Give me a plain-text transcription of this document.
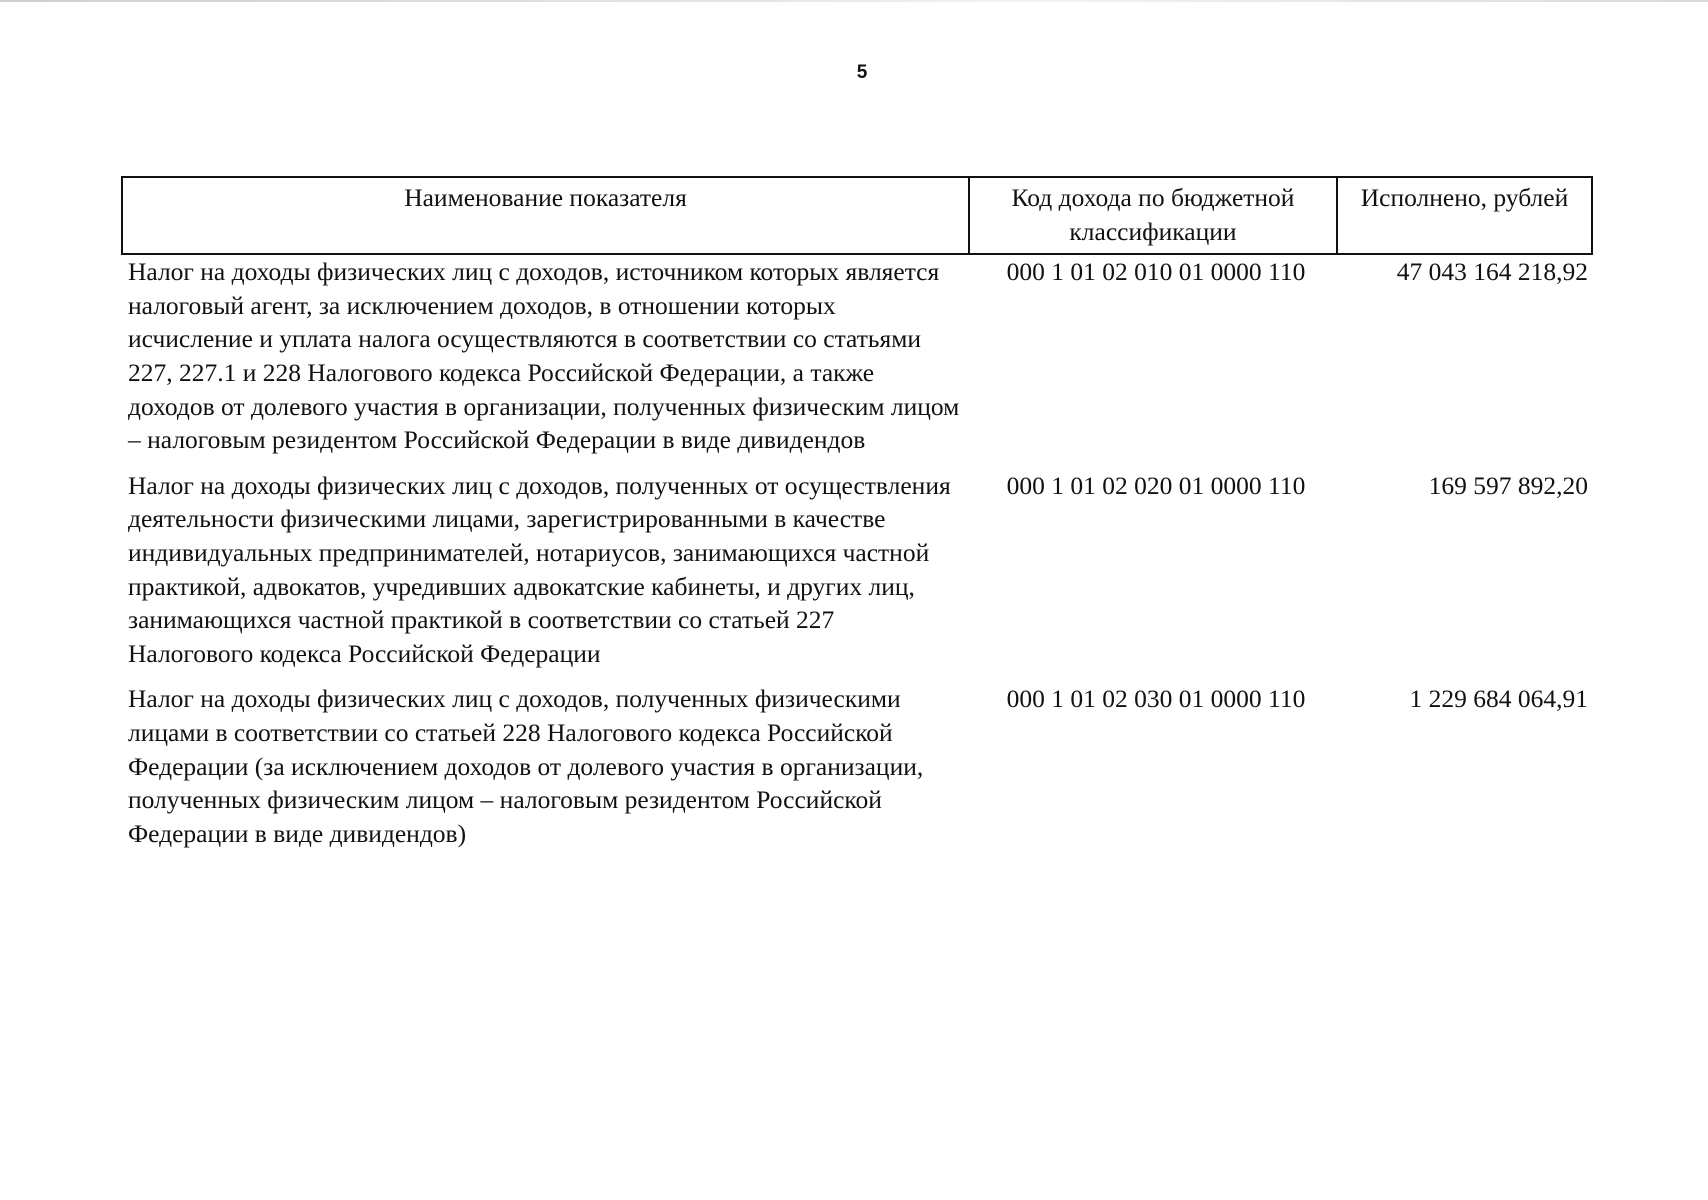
5
Наименование показателя	Код дохода по бюджетной классификации	Исполнено, рублей
Налог на доходы физических лиц с доходов, источником которых является налоговый агент, за исключением доходов, в отношении которых исчисление и уплата налога осуществляются в соответствии со статьями 227, 227.1 и 228 Налогового кодекса Российской Федерации, а также доходов от долевого участия в организации, полученных физическим лицом – налоговым резидентом Российской Федерации в виде дивидендов	000 1 01 02 010 01 0000 110	47 043 164 218,92
Налог на доходы физических лиц с доходов, полученных от осуществления деятельности физическими лицами, зарегистрированными в качестве индивидуальных предпринимателей, нотариусов, занимающихся частной практикой, адвокатов, учредивших адвокатские кабинеты, и других лиц, занимающихся частной практикой в соответствии со статьей 227 Налогового кодекса Российской Федерации	000 1 01 02 020 01 0000 110	169 597 892,20
Налог на доходы физических лиц с доходов, полученных физическими лицами в соответствии со статьей 228 Налогового кодекса Российской Федерации (за исключением доходов от долевого участия в организации, полученных физическим лицом – налоговым резидентом Российской Федерации в виде дивидендов)	000 1 01 02 030 01 0000 110	1 229 684 064,91
